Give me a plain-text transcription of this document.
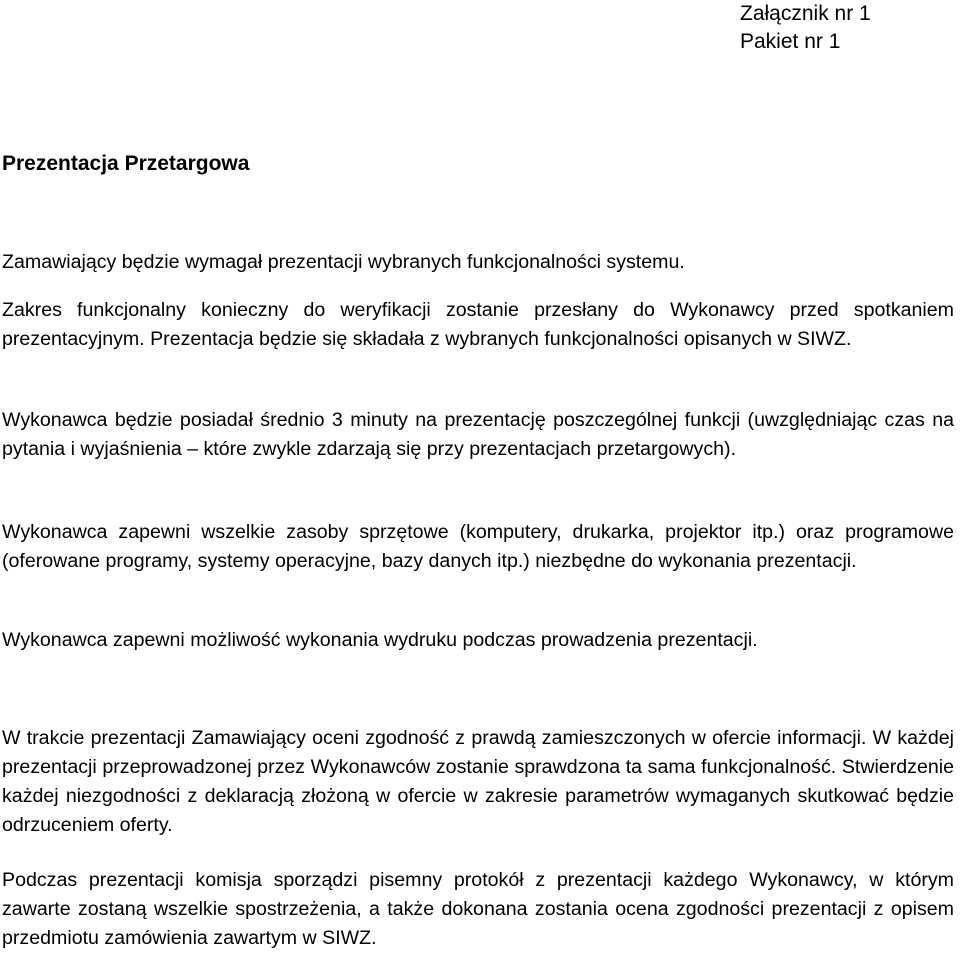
Załącznik nr 1
Pakiet nr 1
Prezentacja Przetargowa

Zamawiający będzie wymagał prezentacji wybranych funkcjonalności systemu.

Zakres funkcjonalny konieczny do weryfikacji zostanie przesłany do Wykonawcy przed spotkaniem prezentacyjnym. Prezentacja będzie się składała z wybranych funkcjonalności opisanych w SIWZ.

Wykonawca będzie posiadał średnio 3 minuty na prezentację poszczególnej funkcji (uwzględniając czas na pytania i wyjaśnienia – które zwykle zdarzają się przy prezentacjach przetargowych).

Wykonawca zapewni wszelkie zasoby sprzętowe (komputery, drukarka, projektor itp.) oraz programowe (oferowane programy, systemy operacyjne, bazy danych itp.) niezbędne do wykonania prezentacji.

Wykonawca zapewni możliwość wykonania wydruku podczas prowadzenia prezentacji.

W trakcie prezentacji Zamawiający oceni zgodność z prawdą zamieszczonych w ofercie informacji. W każdej prezentacji przeprowadzonej przez Wykonawców zostanie sprawdzona ta sama funkcjonalność. Stwierdzenie każdej niezgodności z deklaracją złożoną w ofercie w zakresie parametrów wymaganych skutkować będzie odrzuceniem oferty.

Podczas prezentacji komisja sporządzi pisemny protokół z prezentacji każdego Wykonawcy, w którym zawarte zostaną wszelkie spostrzeżenia, a także dokonana zostania ocena zgodności prezentacji z opisem przedmiotu zamówienia zawartym w SIWZ.
